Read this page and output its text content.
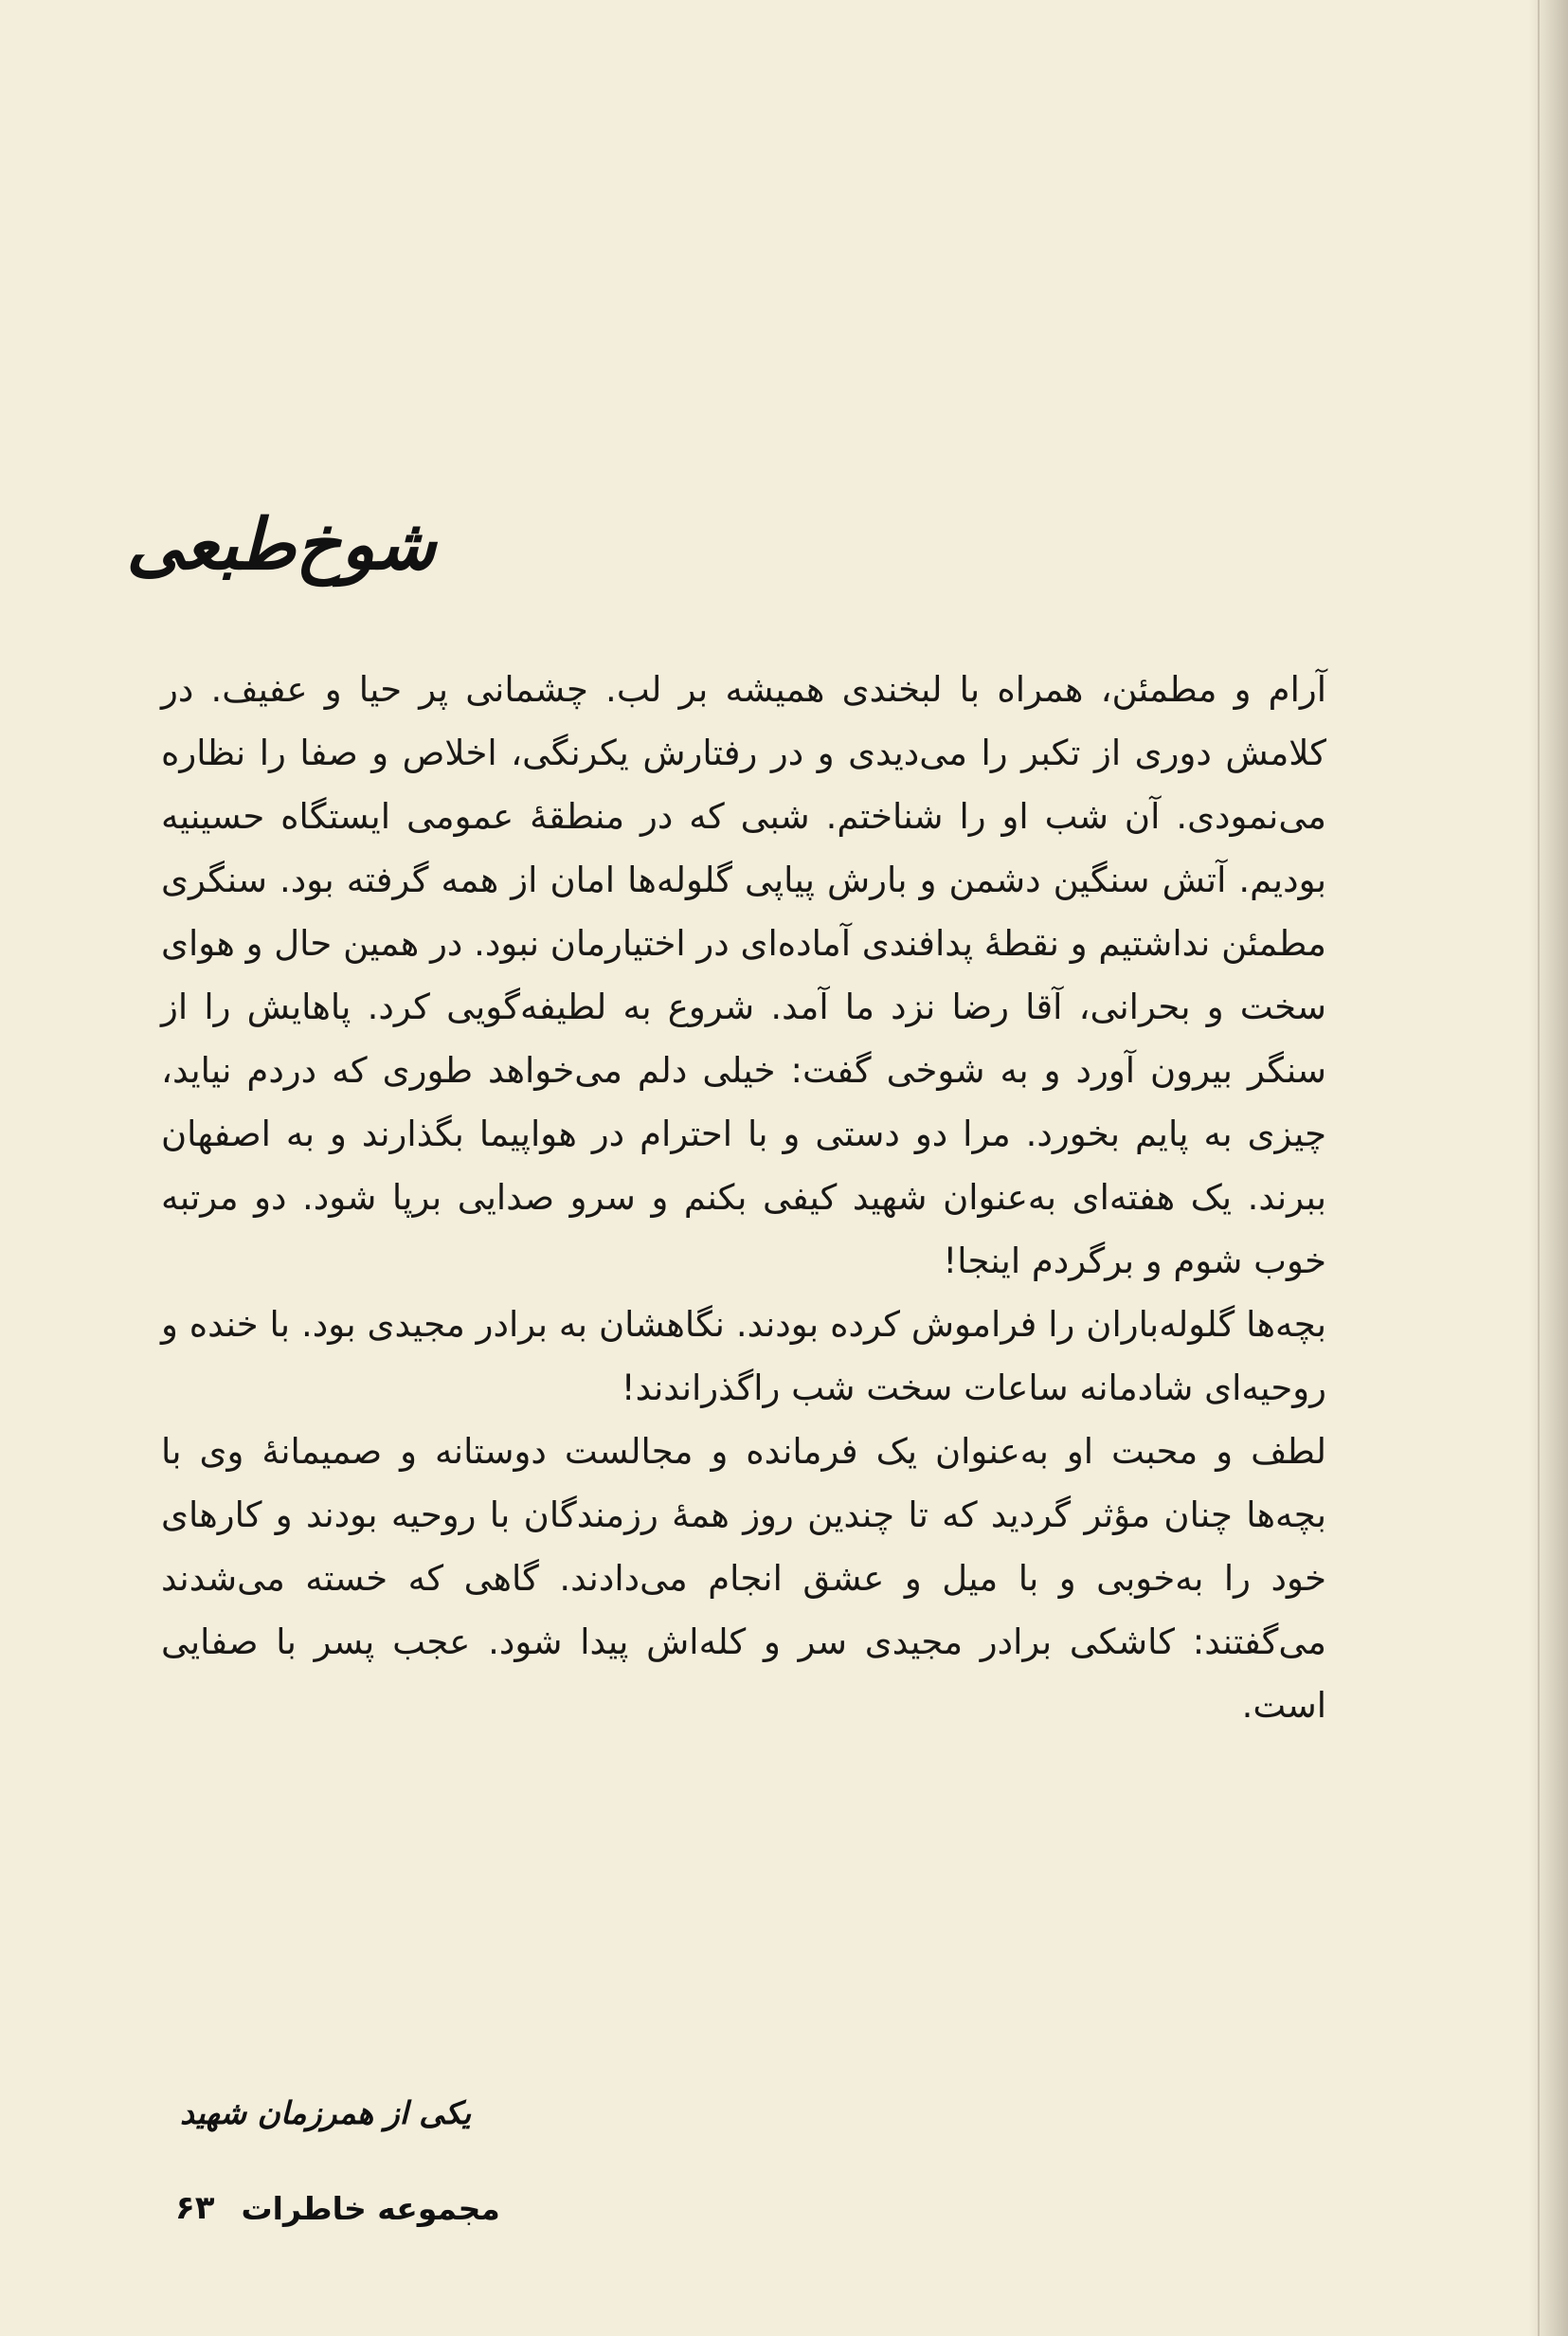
شوخ‌طبعی

آرام و مطمئن، همراه با لبخندی همیشه بر لب. چشمانی پر حیا و عفیف. در کلامش دوری از تکبر را می‌دیدی و در رفتارش یکرنگی، اخلاص و صفا را نظاره می‌نمودی. آن شب او را شناختم. شبی که در منطقهٔ عمومی ایستگاه حسینیه بودیم. آتش سنگین دشمن و بارش پیاپی گلوله‌ها امان از همه گرفته بود. سنگری مطمئن نداشتیم و نقطهٔ پدافندی آماده‌ای در اختیارمان نبود. در همین حال و هوای سخت و بحرانی، آقا رضا نزد ما آمد. شروع به لطیفه‌گویی کرد. پاهایش را از سنگر بیرون آورد و به شوخی گفت: خیلی دلم می‌خواهد طوری که دردم نیاید، چیزی به پایم بخورد. مرا دو دستی و با احترام در هواپیما بگذارند و به اصفهان ببرند. یک هفته‌ای به‌عنوان شهید کیفی بکنم و سرو صدایی برپا شود. دو مرتبه خوب شوم و برگردم اینجا!

بچه‌ها گلوله‌باران را فراموش کرده بودند. نگاهشان به برادر مجیدی بود. با خنده و روحیه‌ای شادمانه ساعات سخت شب راگذراندند!

لطف و محبت او به‌عنوان یک فرمانده و مجالست دوستانه و صمیمانهٔ وی با بچه‌ها چنان مؤثر گردید که تا چندین روز همهٔ رزمندگان با روحیه بودند و کارهای خود را به‌خوبی و با میل و عشق انجام می‌دادند. گاهی که خسته می‌شدند می‌گفتند: کاشکی برادر مجیدی سر و کله‌اش پیدا شود. عجب پسر با صفایی است.

یکی از همرزمان شهید
مجموعه خاطرات
۶۳
